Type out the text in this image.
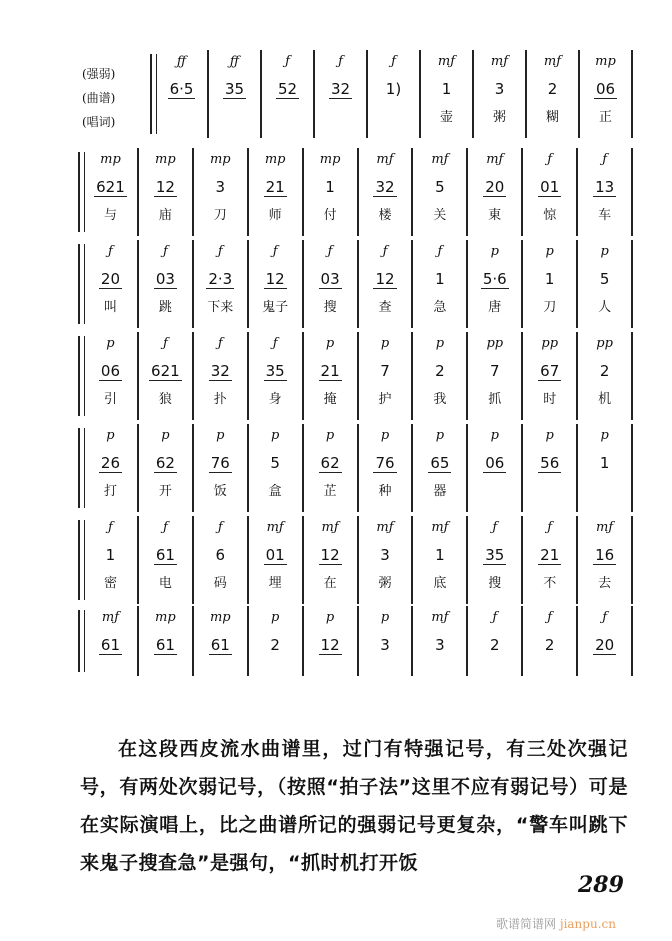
ƒƒ
6·5
ƒƒ
35
ƒ
52
ƒ
32
ƒ
1)
mƒ
1
壶
mƒ
3
粥
mƒ
2
糊
mp
06
正
mp
621
与
mp
12
庙
mp
3
刀
mp
21
师
mp
1
付
mƒ
32
楼
mƒ
5
关
mƒ
20
東
ƒ
01
惊
ƒ
13
车
ƒ
20
叫
ƒ
03
跳
ƒ
2·3
下来
ƒ
12
鬼子
ƒ
03
搜
ƒ
12
查
ƒ
1
急
p
5·6
唐
p
1
刀
p
5
人
p
06
引
ƒ
621
狼
ƒ
32
扑
ƒ
35
身
p
21
掩
p
7
护
p
2
我
pp
7
抓
pp
67
时
pp
2
机
p
26
打
p
62
开
p
76
饭
p
5
盒
p
62
芷
p
76
种
p
65
器
p
06
p
56
p
1
ƒ
1
密
ƒ
61
电
ƒ
6
码
mƒ
01
埋
mƒ
12
在
mƒ
3
粥
mƒ
1
底
ƒ
35
搜
ƒ
21
不
mƒ
16
去
mƒ
61
mp
61
mp
61
p
2
p
12
p
3
mƒ
3
ƒ
2
ƒ
2
ƒ
20
(强弱)
(曲谱)
(唱词)

在这段西皮流水曲谱里，过门有特强记号，有三处次强记号，有两处次弱记号，（按照“拍子法”这里不应有弱记号）可是在实际演唱上，比之曲谱所记的强弱记号更复杂，“警车叫跳下来鬼子搜查急”是强句，“抓时机打开饭

289
歌谱简谱网 jianpu.cn
